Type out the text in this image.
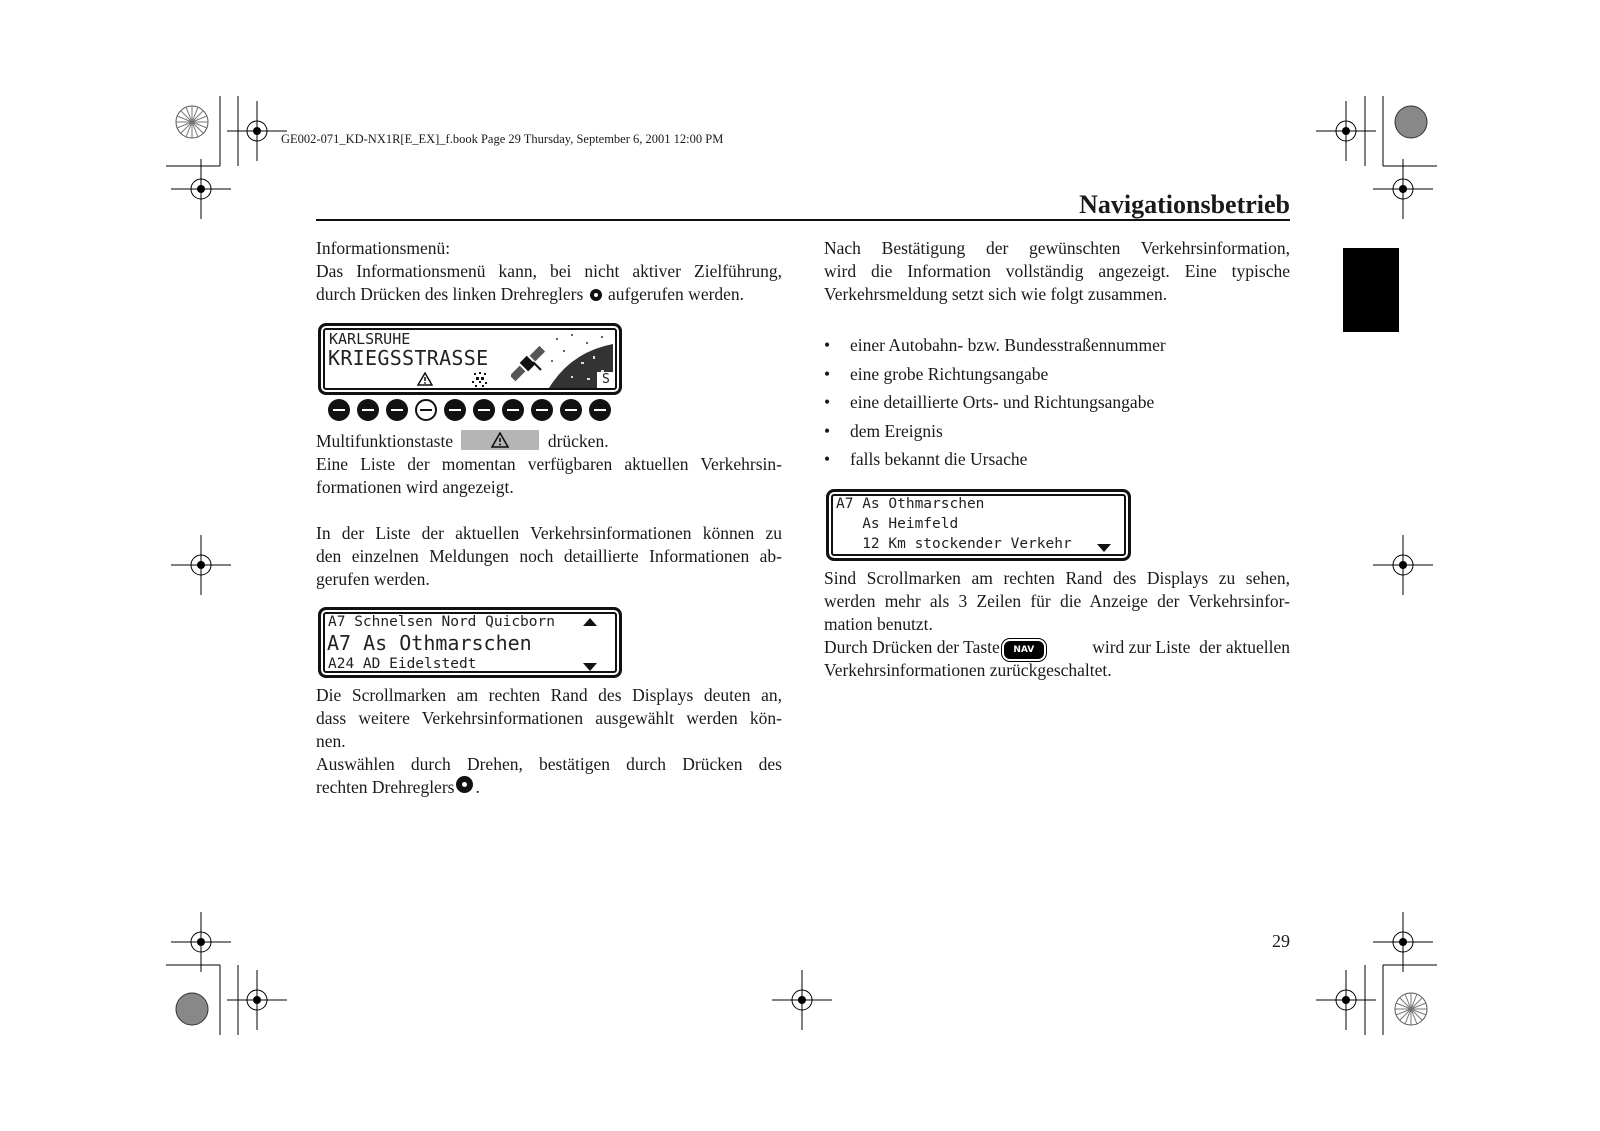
GE002-071_KD-NX1R[E_EX]_f.book Page 29 Thursday, September 6, 2001 12:00 PM
Navigationsbetrieb

Informationsmenü:

Das Informationsmenü kann, bei nicht aktiver Zielführung,

durch Drücken des linken Drehreglers aufgerufen werden.

KARLSRUHE
KRIEGSSTRASSE
S

Multifunktionstaste	drücken.

Eine Liste der momentan verfügbaren aktuellen Verkehrsin-

formationen wird angezeigt.

In der Liste der aktuellen Verkehrsinformationen können zu

den einzelnen Meldungen noch detaillierte Informationen ab-

gerufen werden.

A7 Schnelsen Nord Quiсborn
A7 As Othmarschen
A24 AD Eidelstedt

Die Scrollmarken am rechten Rand des Displays deuten an,

dass weitere Verkehrsinformationen ausgewählt werden kön-

nen.

Auswählen durch Drehen, bestätigen durch Drücken des

rechten Drehreglers .

Nach Bestätigung der gewünschten Verkehrsinformation,

wird die Information vollständig angezeigt. Eine typische

Verkehrsmeldung setzt sich wie folgt zusammen.

• einer Autobahn- bzw. Bundesstraßennummer
• eine grobe Richtungsangabe
• eine detaillierte Orts- und Richtungsangabe
• dem Ereignis
• falls bekannt die Ursache
A7 As Othmarschen
As Heimfeld
12 Km stockender Verkehr

Sind Scrollmarken am rechten Rand des Displays zu sehen,

werden mehr als 3 Zeilen für die Anzeige der Verkehrsinfor-

mation benutzt.

Durch Drücken der Taste NAV	wird zur Liste  der aktuellen

Verkehrsinformationen zurückgeschaltet.

29
